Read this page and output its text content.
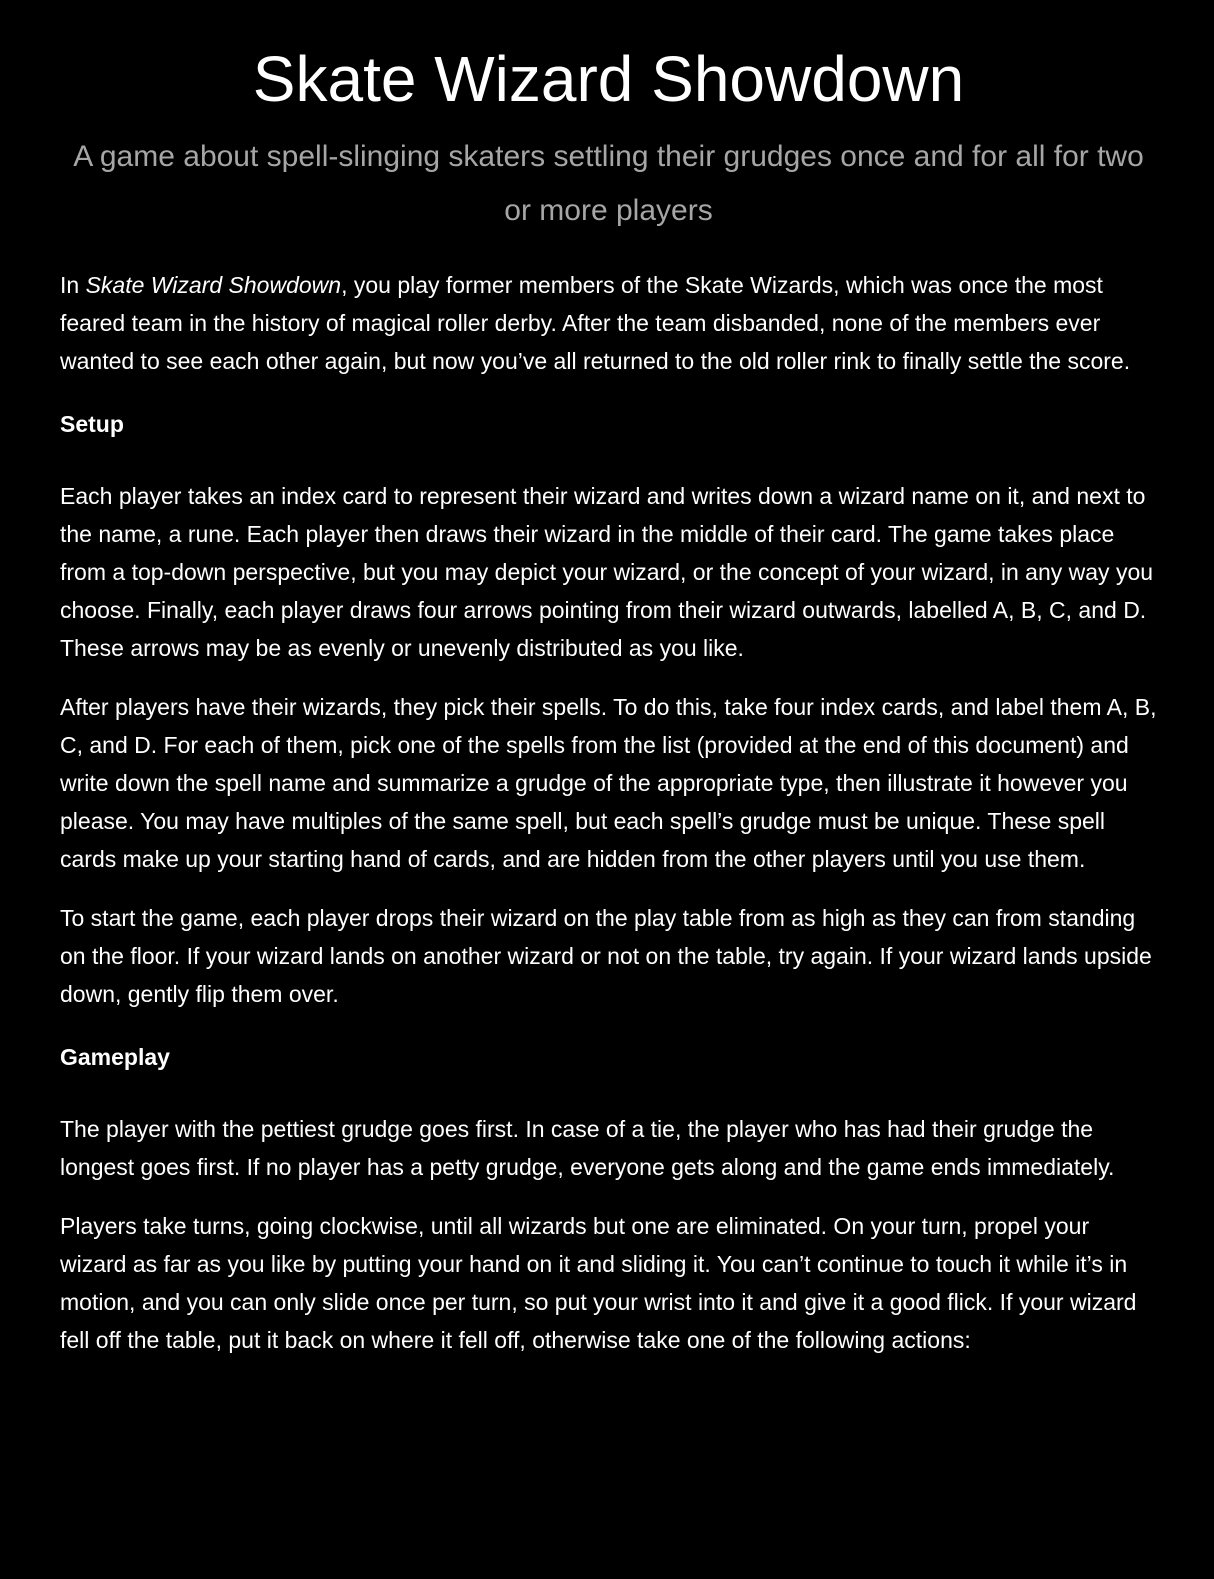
Skate Wizard Showdown
A game about spell-slinging skaters settling their grudges once and for all for two or more players

In Skate Wizard Showdown, you play former members of the Skate Wizards, which was once the most feared team in the history of magical roller derby. After the team disbanded, none of the members ever wanted to see each other again, but now you’ve all returned to the old roller rink to finally settle the score.

Setup

Each player takes an index card to represent their wizard and writes down a wizard name on it, and next to the name, a rune. Each player then draws their wizard in the middle of their card. The game takes place from a top-down perspective, but you may depict your wizard, or the concept of your wizard, in any way you choose. Finally, each player draws four arrows pointing from their wizard outwards, labelled A, B, C, and D. These arrows may be as evenly or unevenly distributed as you like.

After players have their wizards, they pick their spells. To do this, take four index cards, and label them A, B, C, and D. For each of them, pick one of the spells from the list (provided at the end of this document) and write down the spell name and summarize a grudge of the appropriate type, then illustrate it however you please. You may have multiples of the same spell, but each spell’s grudge must be unique. These spell cards make up your starting hand of cards, and are hidden from the other players until you use them.

To start the game, each player drops their wizard on the play table from as high as they can from standing on the floor. If your wizard lands on another wizard or not on the table, try again. If your wizard lands upside down, gently flip them over.

Gameplay

The player with the pettiest grudge goes first. In case of a tie, the player who has had their grudge the longest goes first. If no player has a petty grudge, everyone gets along and the game ends immediately.

Players take turns, going clockwise, until all wizards but one are eliminated. On your turn, propel your wizard as far as you like by putting your hand on it and sliding it. You can’t continue to touch it while it’s in motion, and you can only slide once per turn, so put your wrist into it and give it a good flick. If your wizard fell off the table, put it back on where it fell off, otherwise take one of the following actions:
